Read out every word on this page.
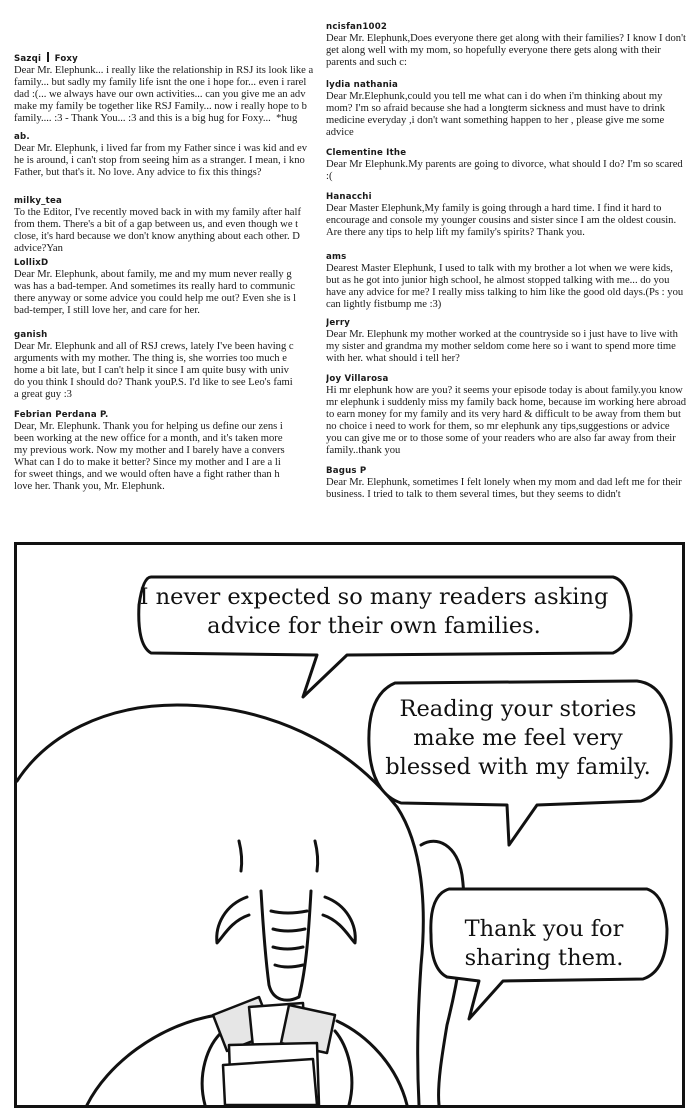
Sazqi Foxy

Dear Mr. Elephunk... i really like the relationship in RSJ its look like a
family... but sadly my family life isnt the one i hope for... even i rarel
dad :(... we always have our own activities... can you give me an adv
make my family be together like RSJ Family... now i really hope to b
family.... :3 - Thank You... :3 and this is a big hug for Foxy...  *hug

ab.

Dear Mr. Elephunk, i lived far from my Father since i was kid and ev
he is around, i can't stop from seeing him as a stranger. I mean, i kno
Father, but that's it. No love. Any advice to fix this things?

milky_tea

To the Editor, I've recently moved back in with my family after half
from them. There's a bit of a gap between us, and even though we t
close, it's hard because we don't know anything about each other. D
advice?Yan

LollixD

Dear Mr. Elephunk, about family, me and my mum never really g
was has a bad-temper. And sometimes its really hard to communic
there anyway or some advice you could help me out? Even she is l
bad-temper, I still love her, and care for her.

ganish

Dear Mr. Elephunk and all of RSJ crews, lately I've been having c
arguments with my mother. The thing is, she worries too much e
home a bit late, but I can't help it since I am quite busy with univ
do you think I should do? Thank youP.S. I'd like to see Leo's fami
a great guy :3

Febrian Perdana P.

Dear, Mr. Elephunk. Thank you for helping us define our zens i
been working at the new office for a month, and it's taken more
my previous work. Now my mother and I barely have a convers
What can I do to make it better? Since my mother and I are a li
for sweet things, and we would often have a fight rather than h
love her. Thank you, Mr. Elephunk.

ncisfan1002

Dear Mr. Elephunk,Does everyone there get along with their families? I know I don't get along well with my mom, so hopefully everyone there gets along with their parents and such c:

lydia nathania

Dear Mr.Elephunk,could you tell me what can i do when i'm thinking about my mom? I'm so afraid because she had a longterm sickness and must have to drink medicine everyday ,i don't want something happen to her , please give me some advice

Clementine Ithe

Dear Mr Elephunk.My parents are going to divorce, what should I do? I'm so scared :(

Hanacchi

Dear Master Elephunk,My family is going through a hard time. I find it hard to encourage and console my younger cousins and sister since I am the oldest cousin. Are there any tips to help lift my family's spirits? Thank you.

ams

Dearest Master Elephunk, I used to talk with my brother a lot when we were kids, but as he got into junior high school, he almost stopped talking with me... do you have any advice for me? I really miss talking to him like the good old days.(Ps : you can lightly fistbump me :3)

Jerry

Dear Mr. Elephunk my mother worked at the countryside so i just have to live with my sister and grandma my mother seldom come here so i want to spend more time with her. what should i tell her?

Joy Villarosa

Hi mr elephunk how are you? it seems your episode today is about family.you know mr elephunk i suddenly miss my family back home, because im working here abroad to earn money for my family and its very hard & difficult to be away from them but no choice i need to work for them, so mr elephunk any tips,suggestions or advice you can give me or to those some of your readers who are also far away from their family..thank you

Bagus P

Dear Mr. Elephunk, sometimes I felt lonely when my mom and dad left me for their business. I tried to talk to them several times, but they seems to didn't

I never expected so many readers asking advice for their own families.
Reading your stories make me feel very blessed with my family.
Thank you for sharing them.
